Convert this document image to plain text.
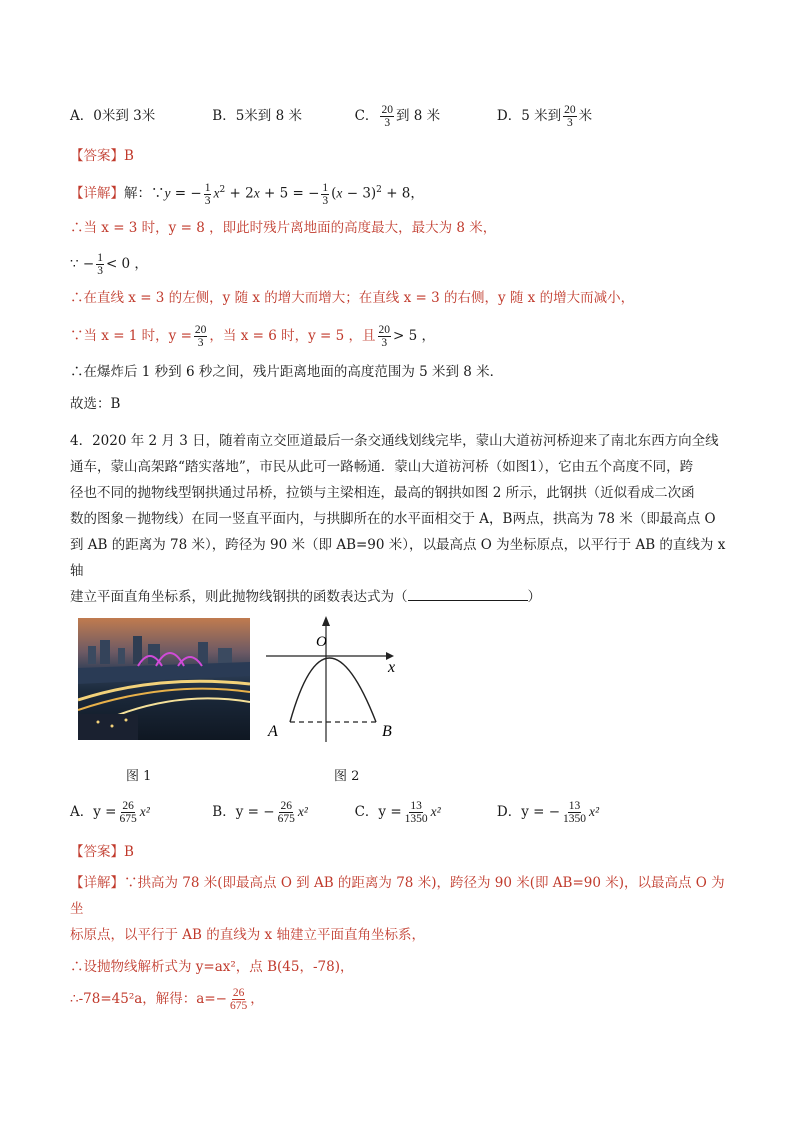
A．0米到 3米	B．5米到 8 米	C． $\frac{20}{3}$ 到 8 米	D．5 米到 $\frac{20}{3}$ 米
【答案】B
【详解】解：∵y = − $\frac{1}{3} x^2 + 2x + 5$ = − $\frac{1}{3} (x - 3)^2 + 8$，
∴当 x = 3 时，y = 8 ，即此时残片离地面的高度最大，最大为 8 米，
∵ − $\frac{1}{3} < 0$ ，
∴在直线 x = 3 的左侧，y 随 x 的增大而增大；在直线 x = 3 的右侧，y 随 x 的增大而减小，
∵当 x = 1 时，$y = \frac{20}{3}$ ，当 x = 6 时，y = 5 ，且 $\frac{20}{3} > 5$ ，
∴在爆炸后 1 秒到 6 秒之间，残片距离地面的高度范围为 5 米到 8 米．
故选：B
4．2020 年 2 月 3 日，随着南立交匝道最后一条交通线划线完毕，蒙山大道祊河桥迎来了南北东西方向全线
通车，蒙山高架路“踏实落地”，市民从此可一路畅通．蒙山大道祊河桥（如图1），它由五个高度不同，跨
径也不同的抛物线型钢拱通过吊桥，拉锁与主梁相连，最高的钢拱如图 2 所示，此钢拱（近似看成二次函
数的图象－抛物线）在同一竖直平面内，与拱脚所在的水平面相交于 A，B两点，拱高为 78 米（即最高点 O
到 AB 的距离为 78 米），跨径为 90 米（即 AB=90 米），以最高点 O 为坐标原点，以平行于 AB 的直线为 x 轴
建立平面直角坐标系，则此抛物线钢拱的函数表达式为（	）
O
x
A	B
图 1	图 2
A．$y = \frac{26}{675} x^2$	B．y = − $\frac{26}{675} x^2$	C．$y = \frac{13}{1350} x^2$	D．y = − $\frac{13}{1350} x^2$
【答案】B
【详解】∵拱高为 78 米(即最高点 O 到 AB 的距离为 78 米)，跨径为 90 米(即 AB=90 米)，以最高点 O 为坐
标原点，以平行于 AB 的直线为 x 轴建立平面直角坐标系，
∴设抛物线解析式为 y=ax²，点 B(45，-78)，
∴-78=45²a，解得：$a=- \frac{26}{675}$ ，
